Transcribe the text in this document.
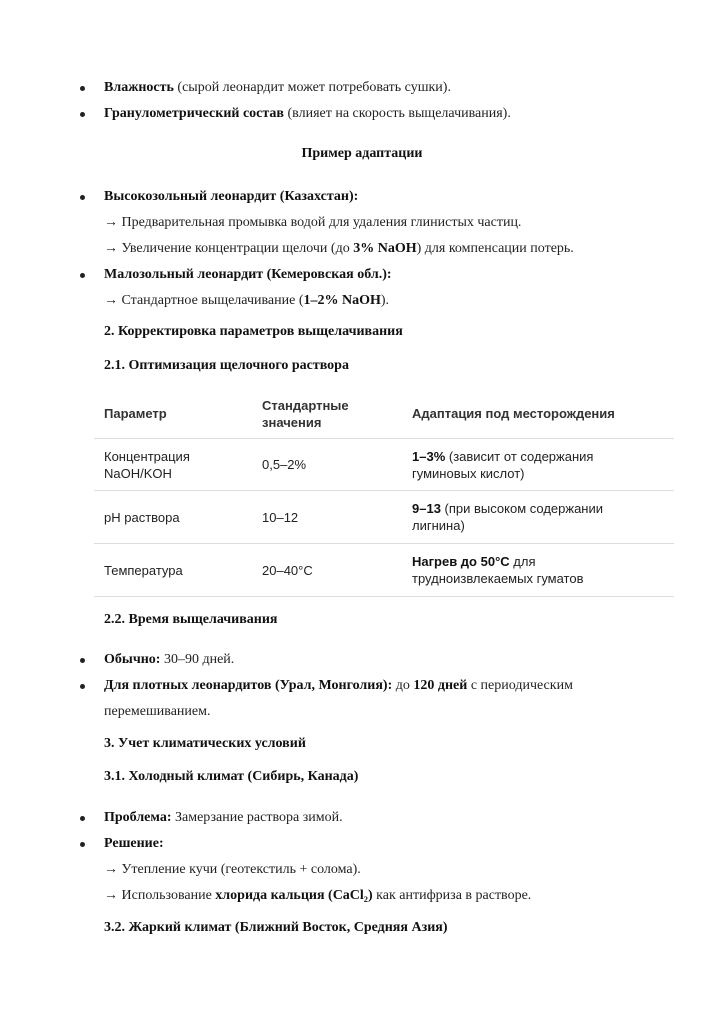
Влажность (сырой леонардит может потребовать сушки).
Гранулометрический состав (влияет на скорость выщелачивания).
Пример адаптации
Высокозольный леонардит (Казахстан):
→ Предварительная промывка водой для удаления глинистых частиц.
→ Увеличение концентрации щелочи (до 3% NaOH) для компенсации потерь.
Малозольный леонардит (Кемеровская обл.):
→ Стандартное выщелачивание (1–2% NaOH).
2. Корректировка параметров выщелачивания
2.1. Оптимизация щелочного раствора
Параметр
Стандартные
значения
Адаптация под месторождения
Концентрация
NaOH/KOH
0,5–2%
1–3% (зависит от содержания
гуминовых кислот)
pH раствора	10–12
9–13 (при высоком содержании
лигнина)
Температура	20–40°C
Нагрев до 50°C для
трудноизвлекаемых гуматов
2.2. Время выщелачивания
Обычно: 30–90 дней.
Для плотных леонардитов (Урал, Монголия): до 120 дней с периодическим
перемешиванием.
3. Учет климатических условий
3.1. Холодный климат (Сибирь, Канада)
Проблема: Замерзание раствора зимой.
Решение:
→ Утепление кучи (геотекстиль + солома).
→ Использование хлорида кальция (CaCl₂) как антифриза в растворе.
3.2. Жаркий климат (Ближний Восток, Средняя Азия)
